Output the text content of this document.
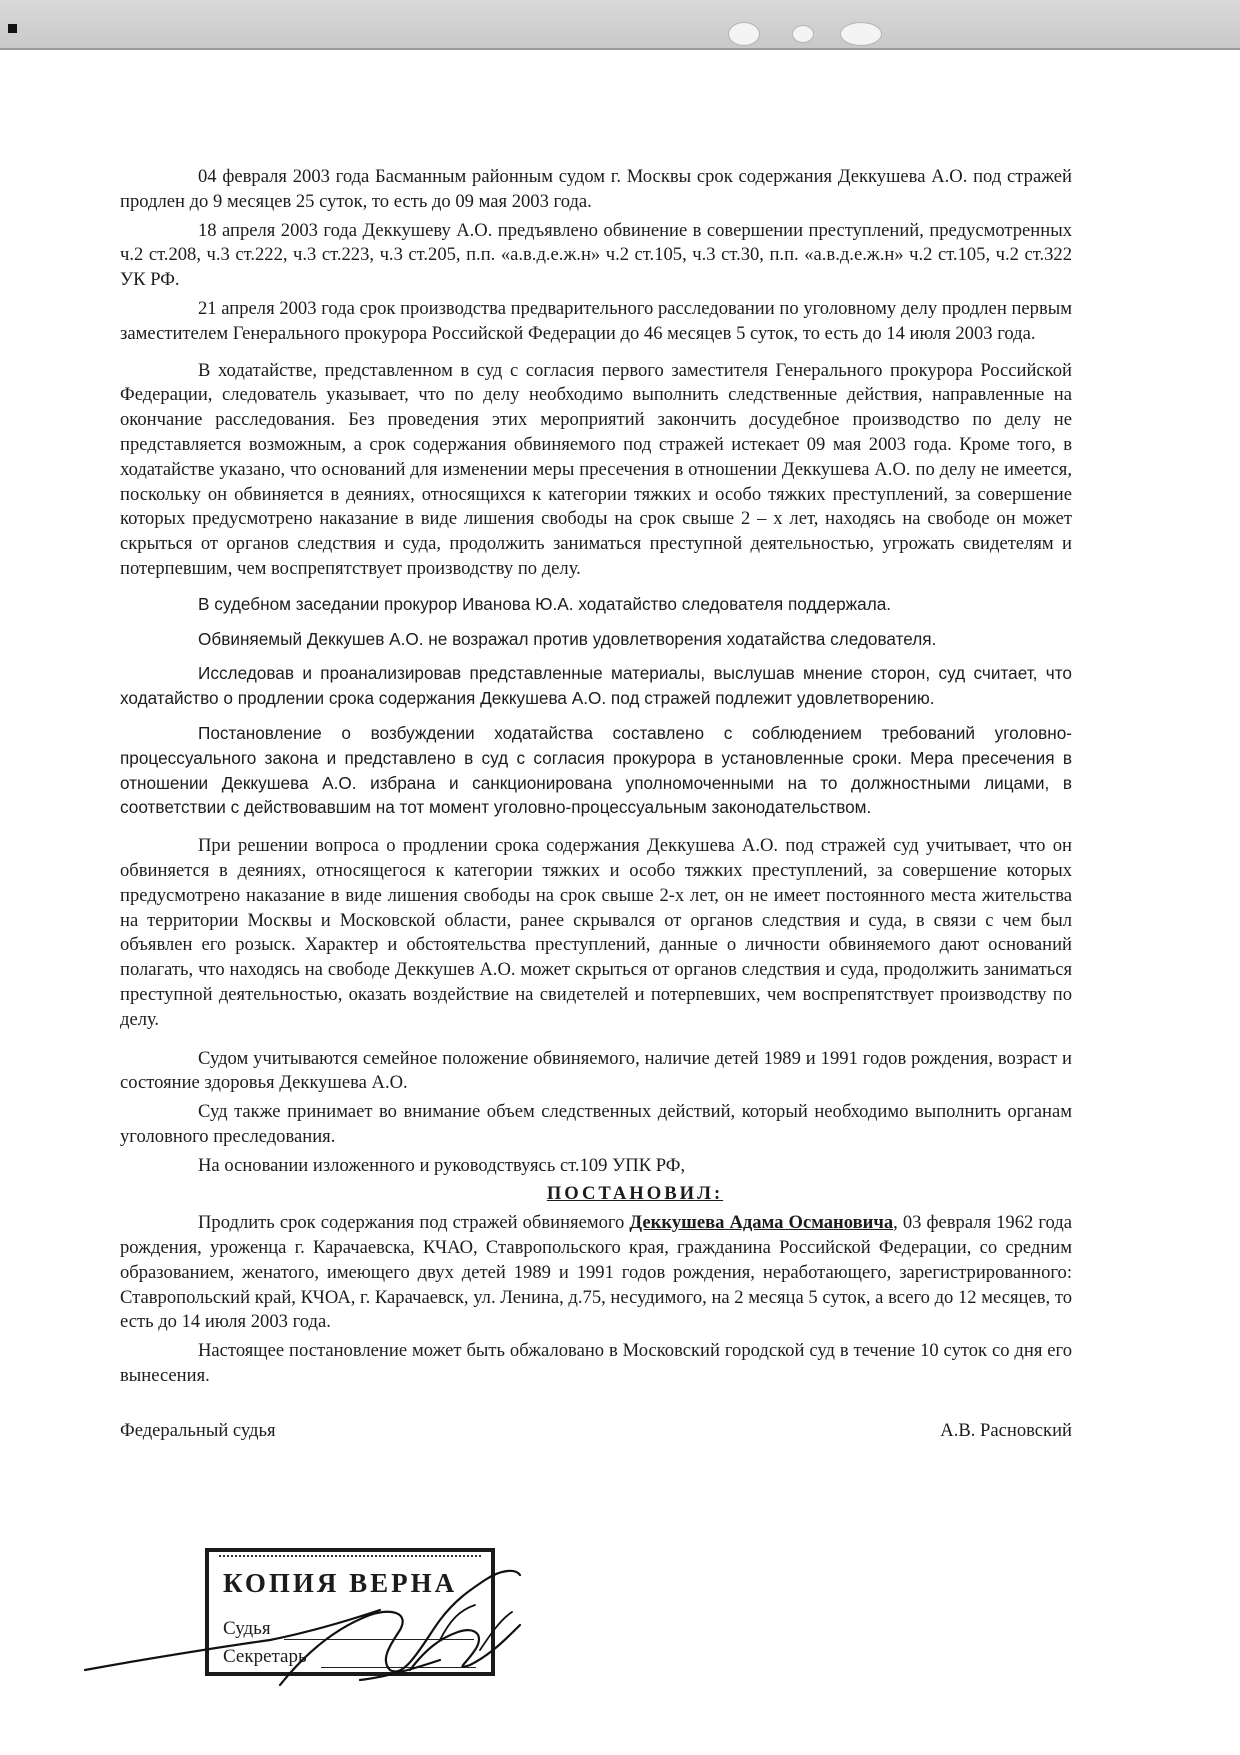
04 февраля 2003 года Басманным районным судом г. Москвы срок содержания Деккушева А.О. под стражей продлен до 9 месяцев 25 суток, то есть до 09 мая 2003 года.

18 апреля 2003 года Деккушеву А.О. предъявлено обвинение в совершении преступлений, предусмотренных ч.2 ст.208, ч.3 ст.222, ч.3 ст.223, ч.3 ст.205, п.п. «а.в.д.е.ж.н» ч.2 ст.105, ч.3 ст.30, п.п. «а.в.д.е.ж.н» ч.2 ст.105, ч.2 ст.322 УК РФ.

21 апреля 2003 года срок производства предварительного расследовании по уголовному делу продлен первым заместителем Генерального прокурора Российской Федерации до 46 месяцев 5 суток, то есть до 14 июля 2003 года.

В ходатайстве, представленном в суд с согласия первого заместителя Генерального прокурора Российской Федерации, следователь указывает, что по делу необходимо выполнить следственные действия, направленные на окончание расследования. Без проведения этих мероприятий закончить досудебное производство по делу не представляется возможным, а срок содержания обвиняемого под стражей истекает 09 мая 2003 года. Кроме того, в ходатайстве указано, что оснований для изменении меры пресечения в отношении Деккушева А.О. по делу не имеется, поскольку он обвиняется в деяниях, относящихся к категории тяжких и особо тяжких преступлений, за совершение которых предусмотрено наказание в виде лишения свободы на срок свыше 2 – х лет, находясь на свободе он может скрыться от органов следствия и суда, продолжить заниматься преступной деятельностью, угрожать свидетелям и потерпевшим, чем воспрепятствует производству по делу.

В судебном заседании прокурор Иванова Ю.А. ходатайство следователя поддержала.

Обвиняемый Деккушев А.О. не возражал против удовлетворения ходатайства следователя.

Исследовав и проанализировав представленные материалы, выслушав мнение сторон, суд считает, что ходатайство о продлении срока содержания Деккушева А.О. под стражей подлежит удовлетворению.

Постановление о возбуждении ходатайства составлено с соблюдением требований уголовно-процессуального закона и представлено в суд с согласия прокурора в установленные сроки. Мера пресечения в отношении Деккушева А.О. избрана и санкционирована уполномоченными на то должностными лицами, в соответствии с действовавшим на тот момент уголовно-процессуальным законодательством.

При решении вопроса о продлении срока содержания Деккушева А.О. под стражей суд учитывает, что он обвиняется в деяниях, относящегося к категории тяжких и особо тяжких преступлений, за совершение которых предусмотрено наказание в виде лишения свободы на срок свыше 2-х лет, он не имеет постоянного места жительства на территории Москвы и Московской области, ранее скрывался от органов следствия и суда, в связи с чем был объявлен его розыск. Характер и обстоятельства преступлений, данные о личности обвиняемого дают оснований полагать, что находясь на свободе Деккушев А.О. может скрыться от органов следствия и суда, продолжить заниматься преступной деятельностью, оказать воздействие на свидетелей и потерпевших, чем воспрепятствует производству по делу.

Судом учитываются семейное положение обвиняемого, наличие детей 1989 и 1991 годов рождения, возраст и состояние здоровья Деккушева А.О.

Суд также принимает во внимание объем следственных действий, который необходимо выполнить органам уголовного преследования.

На основании изложенного и руководствуясь ст.109 УПК РФ,

ПОСТАНОВИЛ:

Продлить срок содержания под стражей обвиняемого Деккушева Адама Османовича, 03 февраля 1962 года рождения, уроженца г. Карачаевска, КЧАО, Ставропольского края, гражданина Российской Федерации, со средним образованием, женатого, имеющего двух детей 1989 и 1991 годов рождения, неработающего, зарегистрированного: Ставропольский край, КЧОА, г. Карачаевск, ул. Ленина, д.75, несудимого, на 2 месяца 5 суток, а всего до 12 месяцев, то есть до 14 июля 2003 года.

Настоящее постановление может быть обжаловано в Московский городской суд в течение 10 суток со дня его вынесения.

Федеральный судья	А.В. Расновский
КОПИЯ ВЕРНА
Судья
Секретарь
